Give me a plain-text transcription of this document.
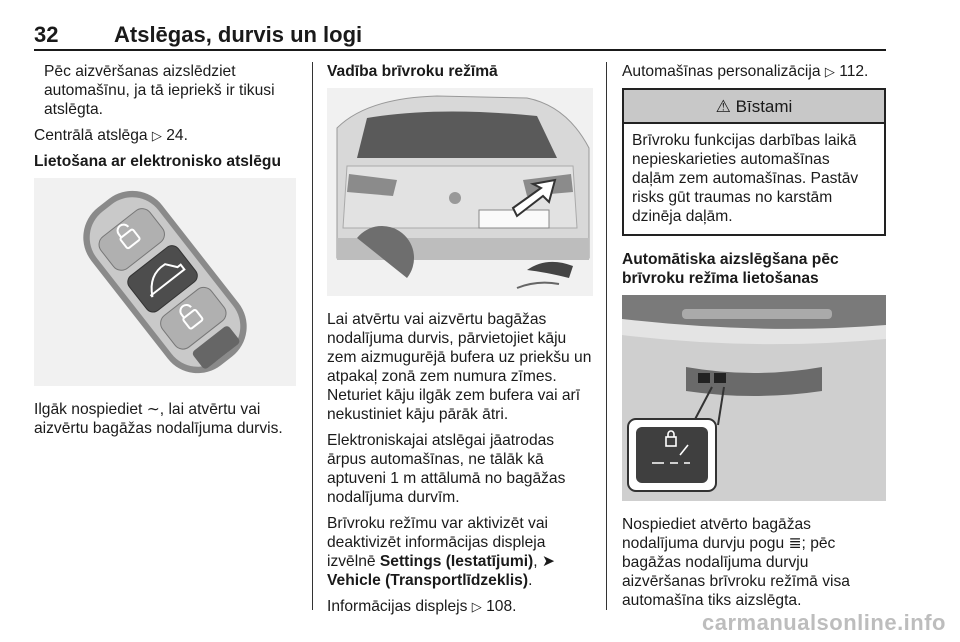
32	Atslēgas, durvis un logi

Pēc aizvēršanas aizslēdziet automašīnu, ja tā iepriekš ir tikusi atslēgta.

Centrālā atslēga ▷ 24.

Lietošana ar elektronisko atslēgu

Ilgāk nospiediet ∼, lai atvērtu vai aizvērtu bagāžas nodalījuma durvis.

Vadība brīvroku režīmā

Lai atvērtu vai aizvērtu bagāžas nodalījuma durvis, pārvietojiet kāju zem aizmugurējā bufera uz priekšu un atpakaļ zonā zem numura zīmes. Neturiet kāju ilgāk zem bufera vai arī nekustiniet kāju pārāk ātri.

Elektroniskajai atslēgai jāatrodas ārpus automašīnas, ne tālāk kā aptuveni 1 m attālumā no bagāžas nodalījuma durvīm.

Brīvroku režīmu var aktivizēt vai deaktivizēt informācijas displeja izvēlnē Settings (Iestatījumi), ➤ Vehicle (Transportlīdzeklis).

Informācijas displejs ▷ 108.

Automašīnas personalizācija ▷ 112.

⚠ Bīstami
Brīvroku funkcijas darbības laikā nepieskarieties automašīnas daļām zem automašīnas. Pastāv risks gūt traumas no karstām dzinēja daļām.

Automātiska aizslēgšana pēc brīvroku režīma lietošanas

Nospiediet atvērto bagāžas nodalījuma durvju pogu ≣; pēc bagāžas nodalījuma durvju aizvēršanas brīvroku režīmā visa automašīna tiks aizslēgta.

carmanualsonline.info
